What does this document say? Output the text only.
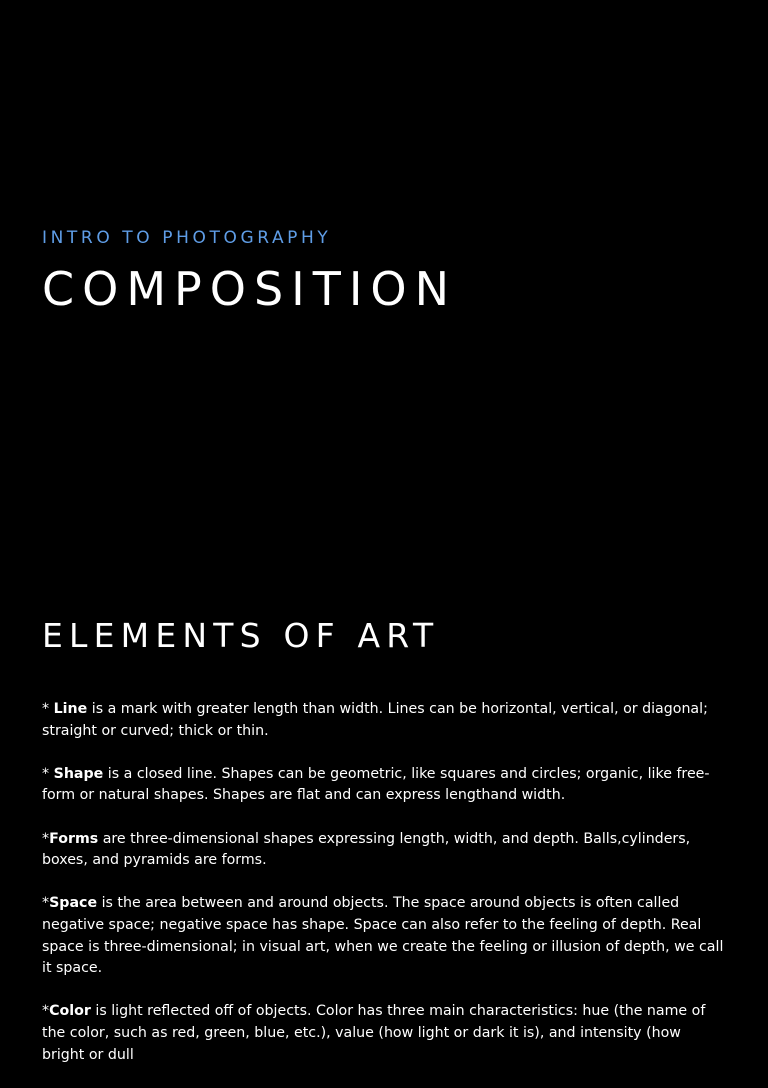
INTRO TO PHOTOGRAPHY
COMPOSITION
ELEMENTS OF ART

* Line is a mark with greater length than width. Lines can be horizontal, vertical, or diagonal; straight or curved; thick or thin.

* Shape is a closed line. Shapes can be geometric, like squares and circles; organic, like free-form or natural shapes. Shapes are flat and can express lengthand width.

*Forms are three-dimensional shapes expressing length, width, and depth. Balls,cylinders, boxes, and pyramids are forms.

*Space is the area between and around objects. The space around objects is often called negative space; negative space has shape. Space can also refer to the feeling of depth. Real space is three-dimensional; in visual art, when we create the feeling or illusion of depth, we call it space.

*Color is light reflected off of objects. Color has three main characteristics: hue (the name of the color, such as red, green, blue, etc.), value (how light or dark it is), and intensity (how bright or dull
